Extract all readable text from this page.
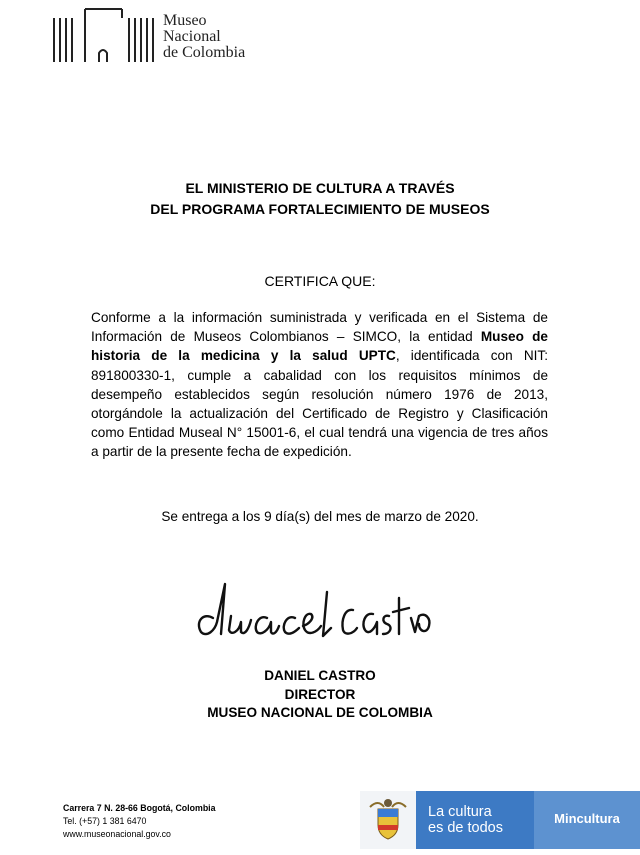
Museo
Nacional
de Colombia
EL MINISTERIO DE CULTURA A TRAVÉS
DEL PROGRAMA FORTALECIMIENTO DE MUSEOS
CERTIFICA QUE:
Conforme a la información suministrada y verificada en el Sistema de Información de Museos Colombianos – SIMCO, la entidad Museo de historia de la medicina y la salud UPTC, identificada con NIT: 891800330-1, cumple a cabalidad con los requisitos mínimos de desempeño establecidos según resolución número 1976 de 2013, otorgándole la actualización del Certificado de Registro y Clasificación como Entidad Museal N° 15001-6, el cual tendrá una vigencia de tres años a partir de la presente fecha de expedición.
Se entrega a los 9 día(s) del mes de marzo de 2020.
DANIEL CASTRO
DIRECTOR
MUSEO NACIONAL DE COLOMBIA
Carrera 7 N. 28-66 Bogotá, Colombia
Tel. (+57) 1 381 6470
www.museonacional.gov.co
La cultura
es de todos
Mincultura
